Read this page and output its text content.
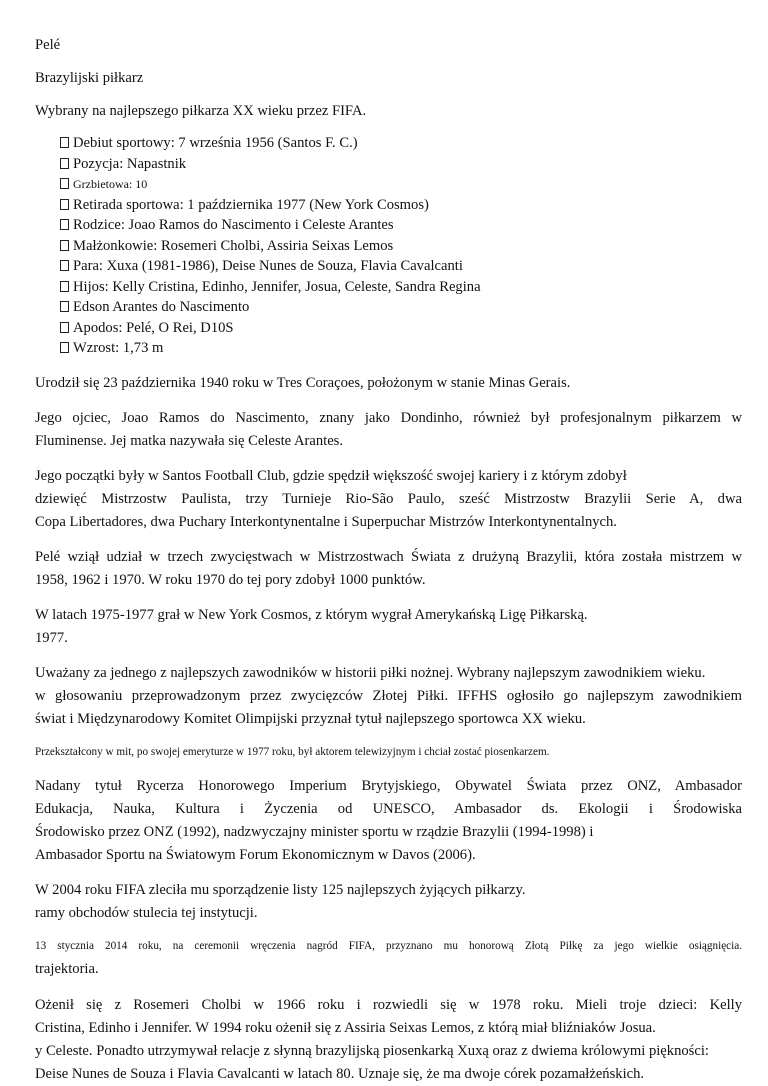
Pelé
Brazylijski piłkarz
Wybrany na najlepszego piłkarza XX wieku przez FIFA.
Debiut sportowy: 7 września 1956 (Santos F. C.)
Pozycja: Napastnik
Grzbietowa: 10
Retirada sportowa: 1 października 1977 (New York Cosmos)
Rodzice: Joao Ramos do Nascimento i Celeste Arantes
Małżonkowie: Rosemeri Cholbi, Assiria Seixas Lemos
Para: Xuxa (1981-1986), Deise Nunes de Souza, Flavia Cavalcanti
Hijos: Kelly Cristina, Edinho, Jennifer, Josua, Celeste, Sandra Regina
Edson Arantes do Nascimento
Apodos: Pelé, O Rei, D10S
Wzrost: 1,73 m
Urodził się 23 października 1940 roku w Tres Coraçoes, położonym w stanie Minas Gerais.
Jego ojciec, Joao Ramos do Nascimento, znany jako Dondinho, również był profesjonalnym piłkarzem w
Fluminense. Jej matka nazywała się Celeste Arantes.
Jego początki były w Santos Football Club, gdzie spędził większość swojej kariery i z którym zdobył
dziewięć Mistrzostw Paulista, trzy Turnieje Rio-São Paulo, sześć Mistrzostw Brazylii Serie A, dwa
Copa Libertadores, dwa Puchary Interkontynentalne i Superpuchar Mistrzów Interkontynentalnych.
Pelé wziął udział w trzech zwycięstwach w Mistrzostwach Świata z drużyną Brazylii, która została mistrzem w
1958, 1962 i 1970. W roku 1970 do tej pory zdobył 1000 punktów.
W latach 1975-1977 grał w New York Cosmos, z którym wygrał Amerykańską Ligę Piłkarską.
1977.
Uważany za jednego z najlepszych zawodników w historii piłki nożnej. Wybrany najlepszym zawodnikiem wieku.
w głosowaniu przeprowadzonym przez zwycięzców Złotej Piłki. IFFHS ogłosiło go najlepszym zawodnikiem
świat i Międzynarodowy Komitet Olimpijski przyznał tytuł najlepszego sportowca XX wieku.
Przekształcony w mit, po swojej emeryturze w 1977 roku, był aktorem telewizyjnym i chciał zostać piosenkarzem.
Nadany tytuł Rycerza Honorowego Imperium Brytyjskiego, Obywatel Świata przez ONZ, Ambasador
Edukacja, Nauka, Kultura i Życzenia od UNESCO, Ambasador ds. Ekologii i Środowiska
Środowisko przez ONZ (1992), nadzwyczajny minister sportu w rządzie Brazylii (1994-1998) i
Ambasador Sportu na Światowym Forum Ekonomicznym w Davos (2006).
W 2004 roku FIFA zleciła mu sporządzenie listy 125 najlepszych żyjących piłkarzy.
ramy obchodów stulecia tej instytucji.
13 stycznia 2014 roku, na ceremonii wręczenia nagród FIFA, przyznano mu honorową Złotą Piłkę za jego wielkie osiągnięcia.
trajektoria.
Ożenił się z Rosemeri Cholbi w 1966 roku i rozwiedli się w 1978 roku. Mieli troje dzieci: Kelly
Cristina, Edinho i Jennifer. W 1994 roku ożenił się z Assiria Seixas Lemos, z którą miał bliźniaków Josua.
y Celeste. Ponadto utrzymywał relacje z słynną brazylijską piosenkarką Xuxą oraz z dwiema królowymi piękności:
Deise Nunes de Souza i Flavia Cavalcanti w latach 80. Uznaje się, że ma dwoje córek pozamałżeńskich.
